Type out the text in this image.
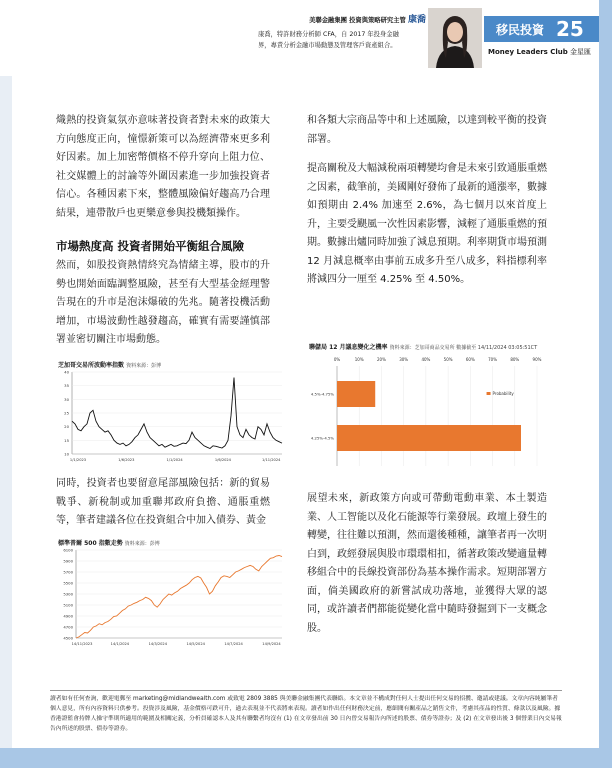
美聯金融集團 投資與策略研究主管 康喬
康喬，特許財務分析師 CFA，自 2017 年投身金融
界，專責分析金融市場動態及管理客戶資產組合。
移民投資 25
Money Leaders Club 金星匯

熾熱的投資氣氛亦意味著投資者對未來的政策大方向態度正向，憧憬新策可以為經濟帶來更多利好因素。加上加密幣價格不停升穿向上阻力位、社交媒體上的討論等外圍因素進一步加強投資者信心。各種因素下來，整體風險偏好趨高乃合理結果，連帶散戶也更樂意參與投機類操作。

市場熱度高 投資者開始平衡組合風險

然而，如股投資熱情終究為情緒主導，股市的升勢也開始面臨調整風險，甚至有大型基金經理警告現在的升市是泡沫爆破的先兆。隨著投機活動增加，市場波動性越發趨高，確實有需要謹慎部署並密切關注市場動態。

和各類大宗商品等中和上述風險，以達到較平衡的投資部署。

提高關稅及大幅減稅兩項轉變均會是未來引致通脹重燃之因素，截筆前，美國剛好發佈了最新的通漲率，數據如預期由 2.4% 加速至 2.6%，為七個月以來首度上升，主要受颶風一次性因素影響，減輕了通脹重燃的預期。數據出爐同時加強了減息預期。利率期貨市場預測 12 月減息概率由事前五成多升至八成多，料指標利率將減四分一厘至 4.25% 至 4.50%。

芝加哥交易所波動率指數 資料來源：彭博
10
15
20
25
30
35
40
1/1/2023	1/6/2023	1/1/2024	1/6/2024	1/11/2024
聯儲局 12 月議息變化之機率 資料來源：芝加哥商品交易所 數據截至 14/11/2024 03:05:51CT
0%	10%	20%	30%	40%	50%	60%	70%	80%	90%
4.25%-4.5%
4.5%-4.75%	Probability

同時，投資者也要留意尾部風險包括：新的貿易戰爭、新稅制或加重聯邦政府負擔、通脹重燃等，筆者建議各位在投資組合中加入債券、黃金

標準普爾 500 指數走勢 資料來源：彭博
4500
4700
4900
5100
5300
5500
5700
5900
6100
14/11/2023	14/1/2024	14/3/2024	14/5/2024	14/7/2024	14/9/2024

展望未來，新政策方向或可帶動電動車業、本土製造業、人工智能以及化石能源等行業發展。政壇上發生的轉變，往往難以預測，然而還後種種，讓筆者再一次明白到，政經發展與股市環環相扣，循著政策改變適量轉移組合中的長線投資部份為基本操作需求。短期部署方面，倘美國政府的新嘗試成功落地，並獲得大眾的認同，或許讀者們都能從變化當中隨時發掘到下一支概念股。

讀者如有任何查詢，歡迎電郵至 marketing@midlandwealth.com 或致電 2809 3885 與美聯金融集團代表聯絡。本文章並不構成對任何人士提出任何交易的招攬、邀請或建議。文章內容純屬筆者個人意見，所有內容資料只供參考。投資涉及風險，基金價格可跌可升，過去表現並不代表將來表現。讀者如作出任何財務決定前，應細閱有關產品之銷售文件，考慮其產品的性質、條款以及風險。據香港證監會持牌人操守準則所適用的範圍及相關定義，分析員確認本人及其有聯繫者均沒有 (1) 在文章發出前 30 日內曾交易報告內所述的股票、債券等證券；及 (2) 在文章發出後 3 個營業日內交易報告內所述的股票、債券等證券。
